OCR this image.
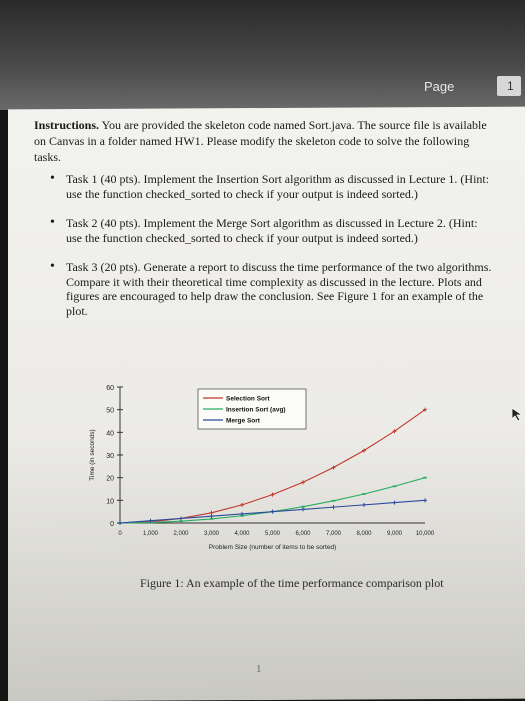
Page	1
Instructions. You are provided the skeleton code named Sort.java. The source file is available on Canvas in a folder named HW1. Please modify the skeleton code to solve the following tasks.
• Task 1 (40 pts). Implement the Insertion Sort algorithm as discussed in Lecture 1. (Hint: use the function checked_sorted to check if your output is indeed sorted.)
• Task 2 (40 pts). Implement the Merge Sort algorithm as discussed in Lecture 2. (Hint: use the function checked_sorted to check if your output is indeed sorted.)
• Task 3 (20 pts). Generate a report to discuss the time performance of the two algorithms. Compare it with their theoretical time complexity as discussed in the lecture. Plots and figures are encouraged to help draw the conclusion. See Figure 1 for an example of the plot.
0
10
20
30
40
50
60
0	1,000	2,000	3,000	4,000	5,000	6,000	7,000	8,000	9,000 10,000
Problem Size (number of items to be sorted)
Time (in seconds)
Selection Sort
Insertion Sort (avg)
Merge Sort
Figure 1: An example of the time performance comparison plot
1
